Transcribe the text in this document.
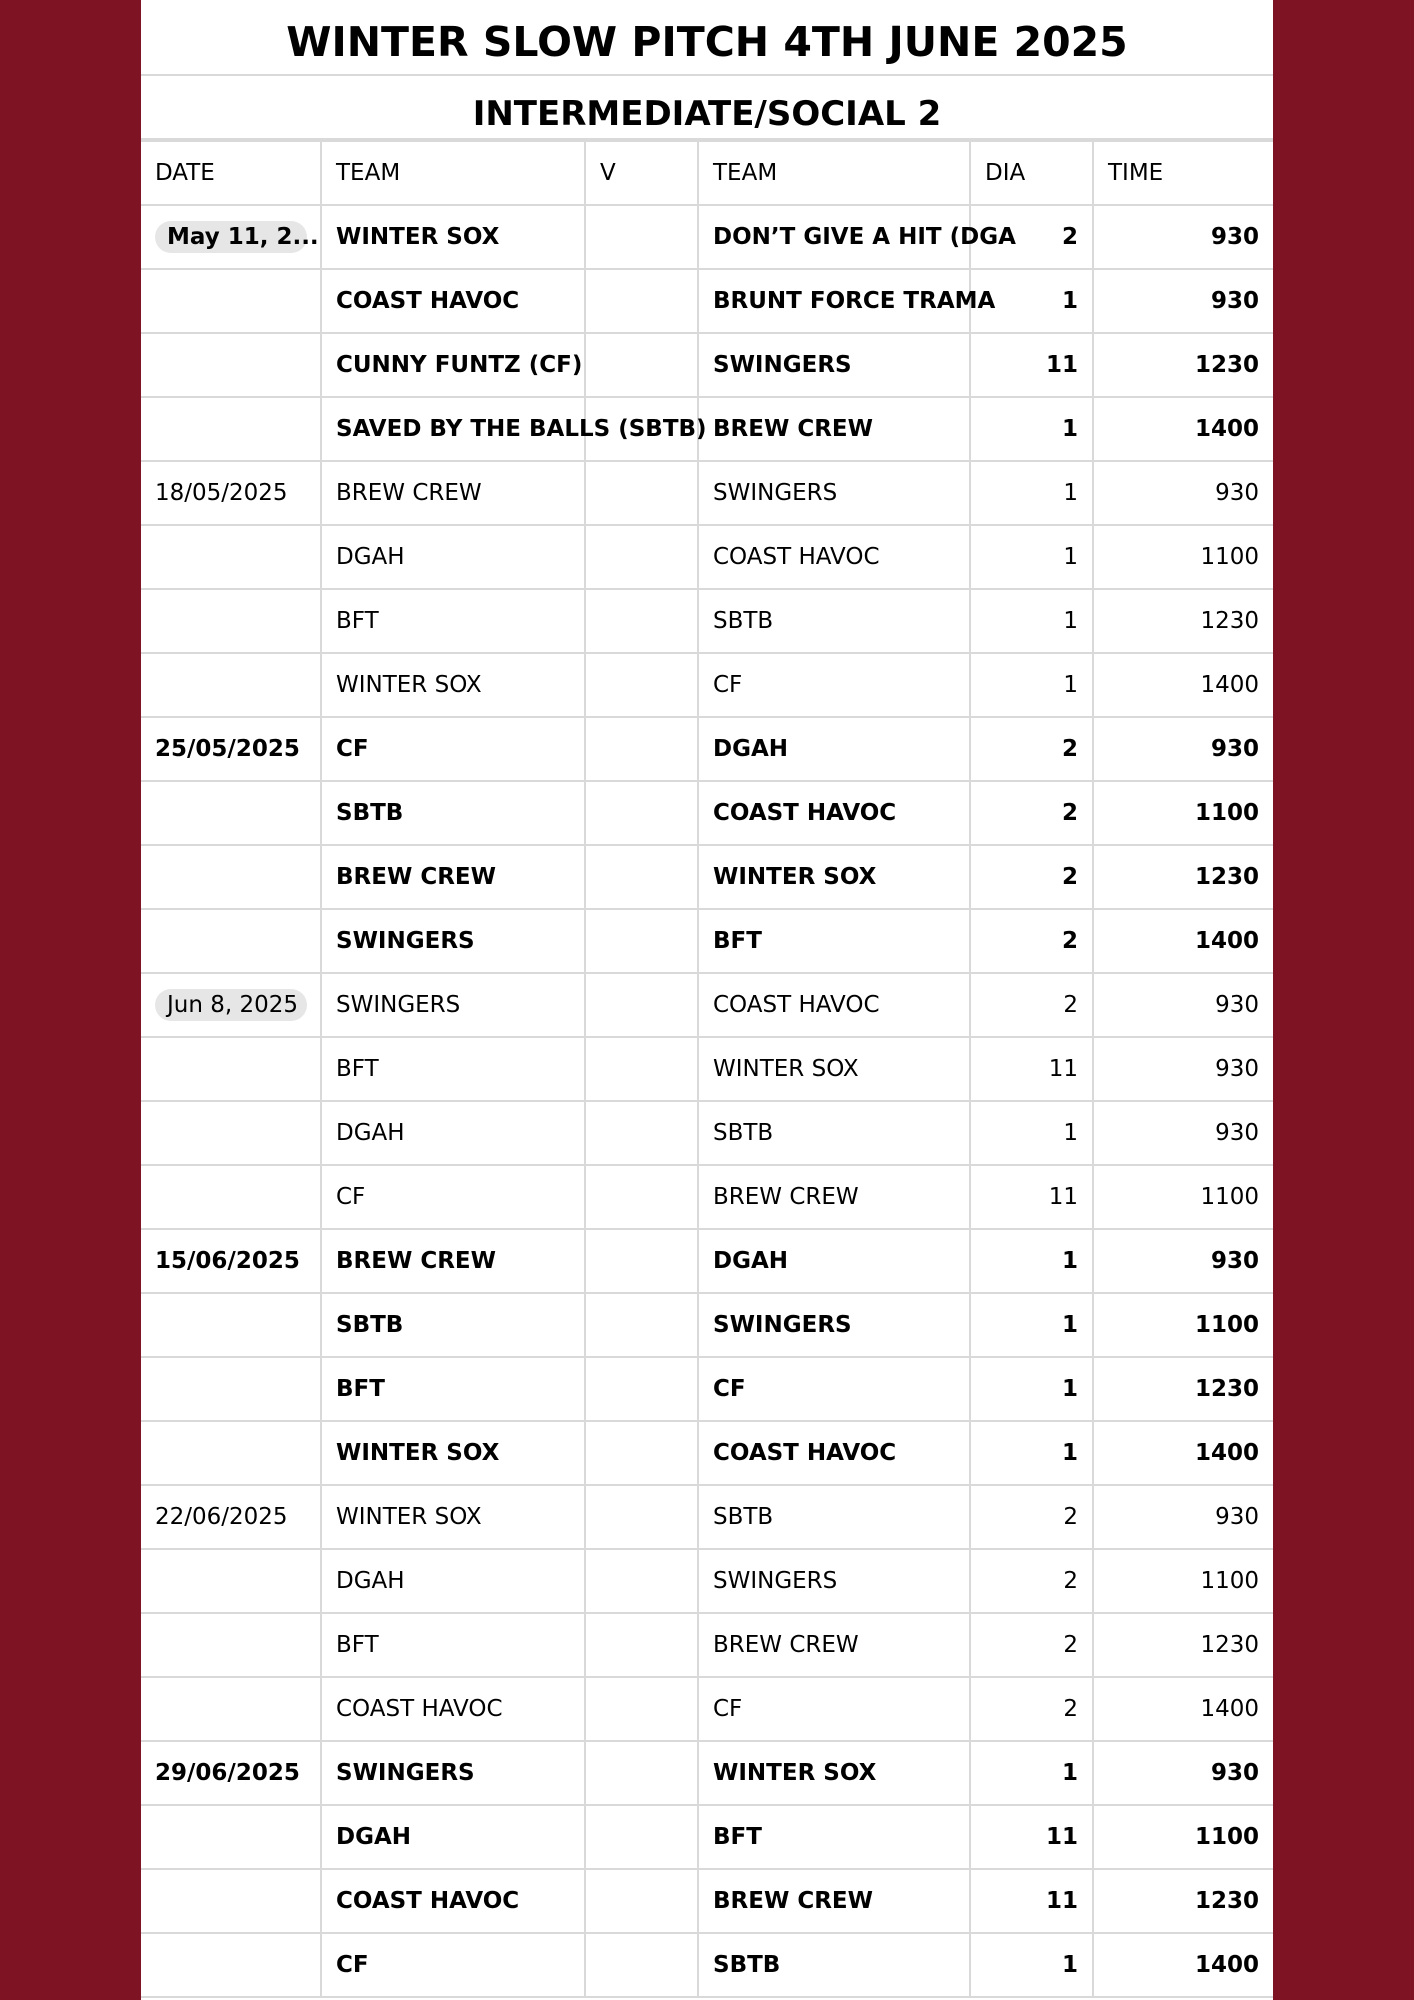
WINTER SLOW PITCH 4TH JUNE 2025
INTERMEDIATE/SOCIAL 2
DATE	TEAM	V	TEAM	DIA	TIME
May 11, 2...	WINTER SOX		DON’T GIVE A HIT (DGA	2	930
	COAST HAVOC		BRUNT FORCE TRAMA	1	930
	CUNNY FUNTZ (CF)		SWINGERS	11	1230
	SAVED BY THE BALLS (SBTB)		BREW CREW	1	1400
18/05/2025	BREW CREW		SWINGERS	1	930
	DGAH		COAST HAVOC	1	1100
	BFT		SBTB	1	1230
	WINTER SOX		CF	1	1400
25/05/2025	CF		DGAH	2	930
	SBTB		COAST HAVOC	2	1100
	BREW CREW		WINTER SOX	2	1230
	SWINGERS		BFT	2	1400
Jun 8, 2025	SWINGERS		COAST HAVOC	2	930
	BFT		WINTER SOX	11	930
	DGAH		SBTB	1	930
	CF		BREW CREW	11	1100
15/06/2025	BREW CREW		DGAH	1	930
	SBTB		SWINGERS	1	1100
	BFT		CF	1	1230
	WINTER SOX		COAST HAVOC	1	1400
22/06/2025	WINTER SOX		SBTB	2	930
	DGAH		SWINGERS	2	1100
	BFT		BREW CREW	2	1230
	COAST HAVOC		CF	2	1400
29/06/2025	SWINGERS		WINTER SOX	1	930
	DGAH		BFT	11	1100
	COAST HAVOC		BREW CREW	11	1230
	CF		SBTB	1	1400
